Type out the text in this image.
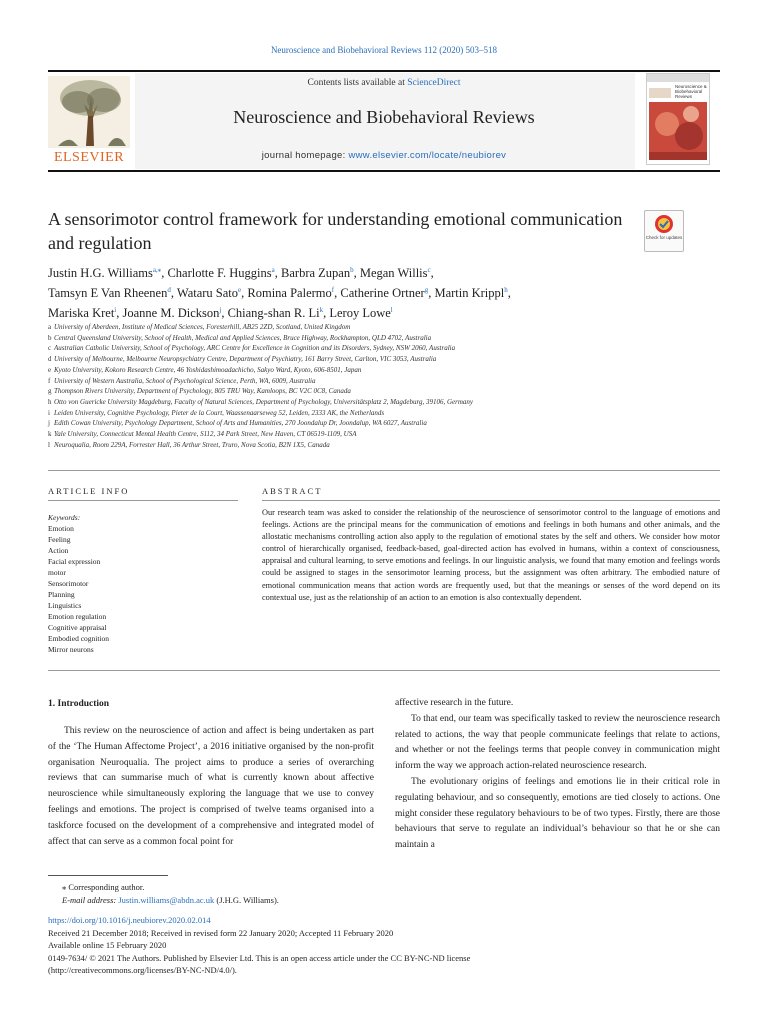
Neuroscience and Biobehavioral Reviews 112 (2020) 503–518
ELSEVIER
Contents lists available at ScienceDirect
Neuroscience and Biobehavioral Reviews
journal homepage: www.elsevier.com/locate/neubiorev
Neuroscience & Biobehavioral Reviews
A sensorimotor control framework for understanding emotional communication and regulation	Check for updates
Justin H.G. Williams$^{a,⁎}$, Charlotte F. Huggins$^a$, Barbra Zupan$^b$, Megan Willis$^c$,
Tamsyn E Van Rheenen$^d$, Wataru Sato$^e$, Romina Palermo$^f$, Catherine Ortner$^g$, Martin Krippl$^h$,
Mariska Kret$^i$, Joanne M. Dickson$^j$, Chiang-shan R. Li$^k$, Leroy Lowe$^l$
a University of Aberdeen, Institute of Medical Sciences, Foresterhill, AB25 2ZD, Scotland, United Kingdom
b Central Queensland University, School of Health, Medical and Applied Sciences, Bruce Highway, Rockhampton, QLD 4702, Australia
c Australian Catholic University, School of Psychology, ARC Centre for Excellence in Cognition and its Disorders, Sydney, NSW 2060, Australia
d University of Melbourne, Melbourne Neuropsychiatry Centre, Department of Psychiatry, 161 Barry Street, Carlton, VIC 3053, Australia
e Kyoto University, Kokoro Research Centre, 46 Yoshidashimoadachicho, Sakyo Ward, Kyoto, 606-8501, Japan
f University of Western Australia, School of Psychological Science, Perth, WA, 6009, Australia
g Thompson Rivers University, Department of Psychology, 805 TRU Way, Kamloops, BC V2C 0C8, Canada
h Otto von Guericke University Magdeburg, Faculty of Natural Sciences, Department of Psychology, Universitätsplatz 2, Magdeburg, 39106, Germany
i Leiden University, Cognitive Psychology, Pieter de la Court, Waassenaarseweg 52, Leiden, 2333 AK, the Netherlands
j Edith Cowan University, Psychology Department, School of Arts and Humanities, 270 Joondalup Dr, Joondalup, WA 6027, Australia
k Yale University, Connecticut Mental Health Centre, S112, 34 Park Street, New Haven, CT 06519-1109, USA
l Neuroqualia, Room 229A, Forrester Hall, 36 Arthur Street, Truro, Nova Scotia, B2N 1X5, Canada
ARTICLE INFO	ABSTRACT
Keywords:
Emotion
Feeling
Action
Facial expression
motor
Sensorimotor
Planning
Linguistics
Emotion regulation
Cognitive appraisal
Embodied cognition
Mirror neurons
Our research team was asked to consider the relationship of the neuroscience of sensorimotor control to the language of emotions and feelings. Actions are the principal means for the communication of emotions and feelings in both humans and other animals, and the allostatic mechanisms controlling action also apply to the regulation of emotional states by the self and others. We consider how motor control of hierarchically organised, feedback-based, goal-directed action has evolved in humans, within a context of consciousness, appraisal and cultural learning, to serve emotions and feelings. In our linguistic analysis, we found that many emotion and feelings words could be assigned to stages in the sensorimotor learning process, but the assignment was often arbitrary. The embodied nature of emotional communication means that action words are frequently used, but that the meanings or senses of the word depend on its contextual use, just as the relationship of an action to an emotion is also contextually dependent.
1. Introduction

This review on the neuroscience of action and affect is being undertaken as part of the ‘The Human Affectome Project’, a 2016 initiative organised by the non-profit organisation Neuroqualia. The project aims to produce a series of overarching reviews that can summarise much of what is currently known about affective neuroscience while simultaneously exploring the language that we use to convey feelings and emotions. The project is comprised of twelve teams organised into a taskforce focused on the development of a comprehensive and integrated model of affect that can serve as a common focal point for

affective research in the future.

To that end, our team was specifically tasked to review the neuroscience research related to actions, the way that people communicate feelings that relate to actions, and whether or not the feelings terms that people convey in communication might inform the way we approach action-related neuroscience research.

The evolutionary origins of feelings and emotions lie in their critical role in regulating behaviour, and so consequently, emotions are tied closely to actions. One might consider these regulatory behaviours to be of two types. Firstly, there are those behaviours that serve to regulate an individual’s behaviour so that he or she can maintain a

⁎ Corresponding author.
E-mail address: Justin.williams@abdn.ac.uk (J.H.G. Williams).
https://doi.org/10.1016/j.neubiorev.2020.02.014
Received 21 December 2018; Received in revised form 22 January 2020; Accepted 11 February 2020
Available online 15 February 2020
0149-7634/ © 2021 The Authors. Published by Elsevier Ltd. This is an open access article under the CC BY-NC-ND license
(http://creativecommons.org/licenses/BY-NC-ND/4.0/).
